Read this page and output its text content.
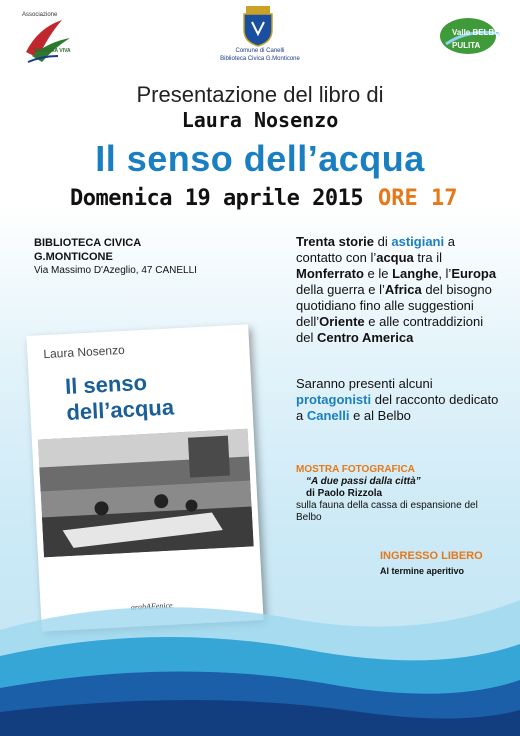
Associazione
MEMORIA VIVA	Comune di Canelli
Biblioteca Civica G.Monticone
Valle BELBO
PULITA
Presentazione del libro di
Laura Nosenzo
Il senso dell’acqua
Domenica 19 aprile 2015 ORE 17
BIBLIOTECA CIVICA
G.MONTICONE
Via Massimo D'Azeglio, 47 CANELLI
Laura Nosenzo
Il senso
dell’acqua
arabAFenice
Trenta storie di astigiani a contatto con l’acqua tra il Monferrato e le Langhe, l’Europa della guerra e l’Africa del bisogno quotidiano fino alle suggestioni dell’Oriente e alle contraddizioni del Centro America
Saranno presenti alcuni protagonisti del racconto dedicato a Canelli e al Belbo
MOSTRA FOTOGRAFICA
“A due passi dalla città”
di Paolo Rizzola
sulla fauna della cassa di espansione del Belbo
INGRESSO LIBERO
Al termine aperitivo
